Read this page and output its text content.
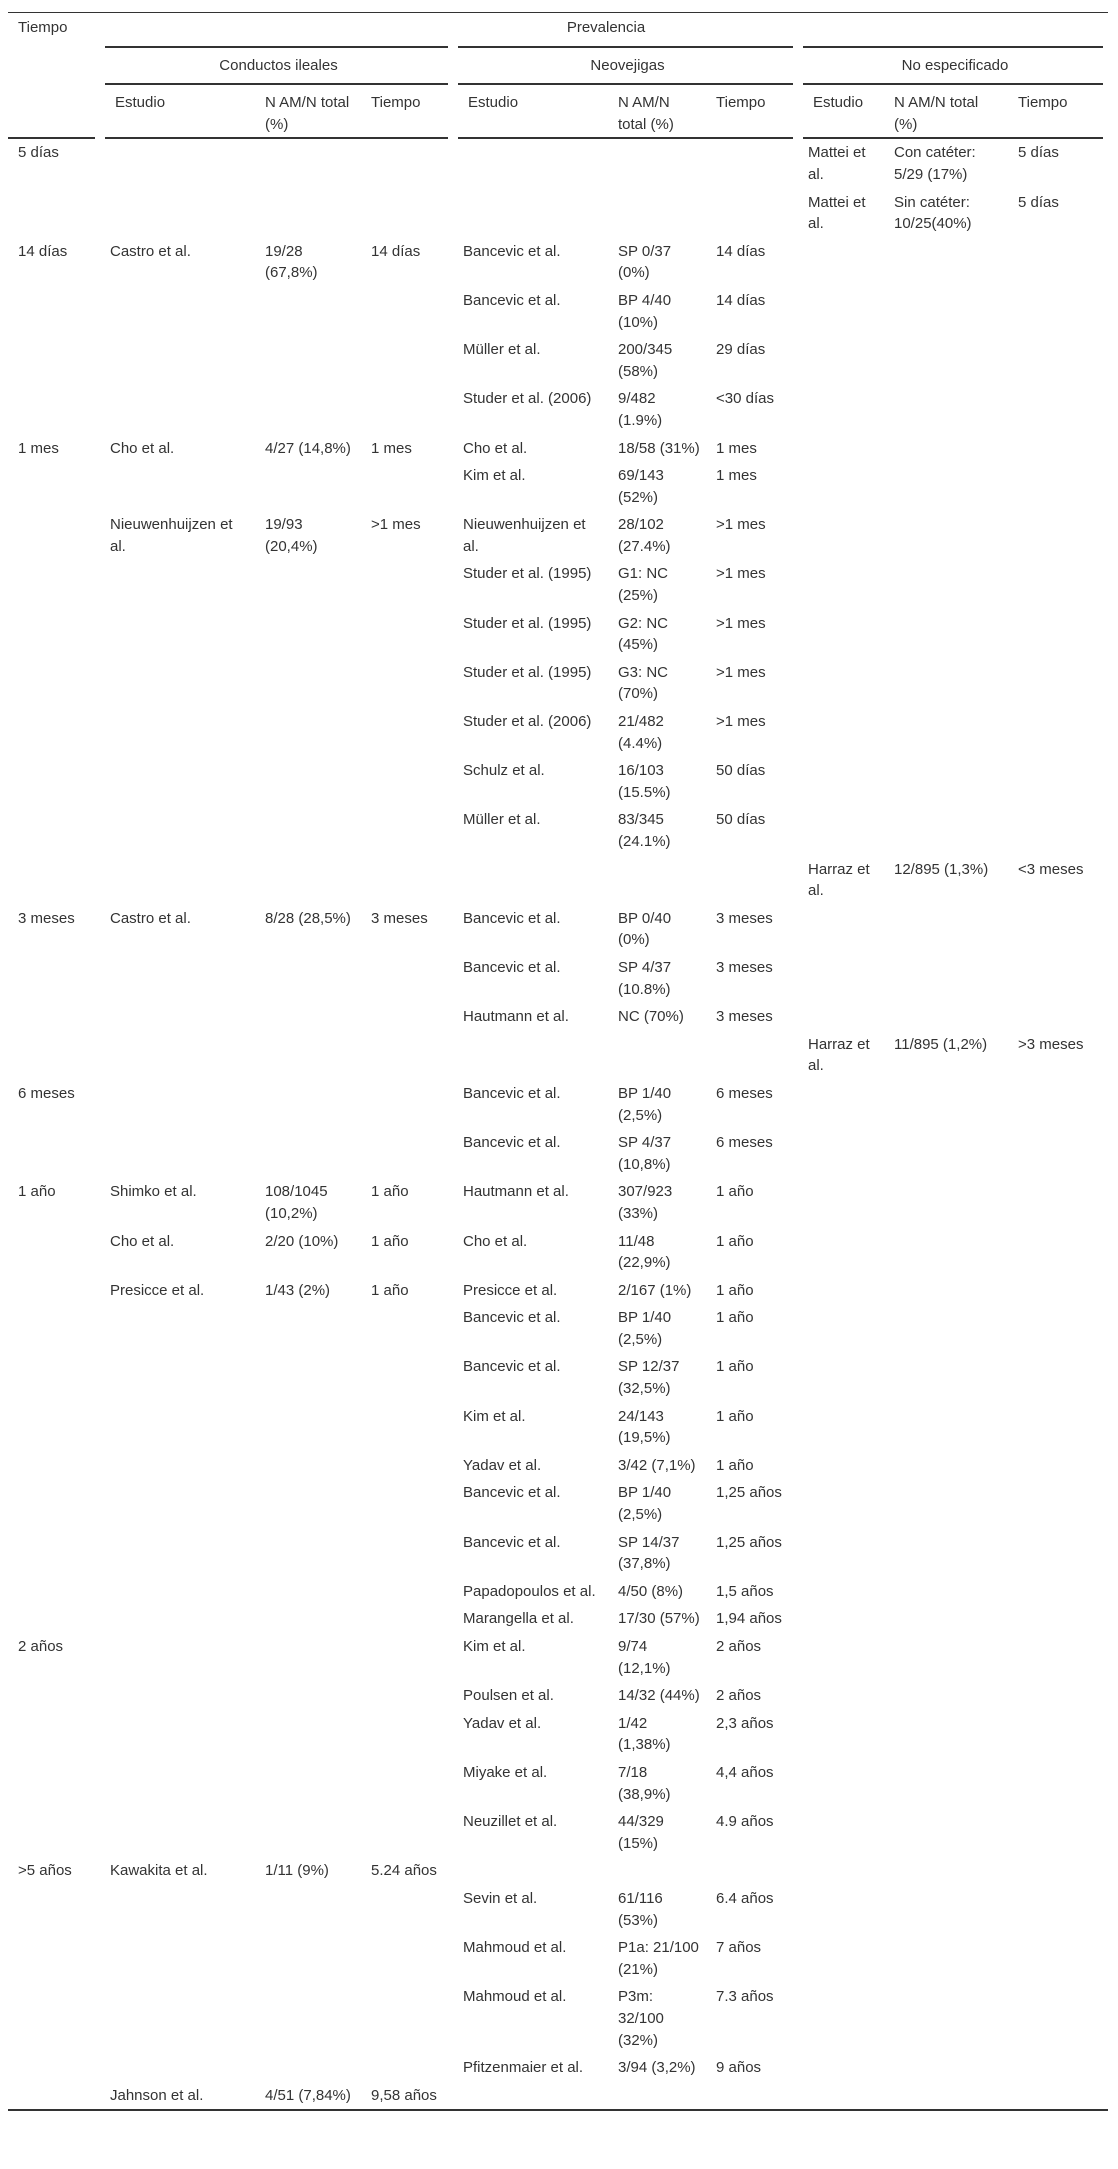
Tiempo	Prevalencia								
	Conductos ileales			Neovejigas			No especificado		
	Estudio	N AM/N total (%)	Tiempo	Estudio	N AM/N total (%)	Tiempo	Estudio	N AM/N total (%)	Tiempo
5 días							Mattei et al.	Con catéter: 5/29 (17%)	5 días
							Mattei et al.	Sin catéter: 10/25(40%)	5 días
14 días	Castro et al.	19/28 (67,8%)	14 días	Bancevic et al.	SP 0/37 (0%)	14 días			
				Bancevic et al.	BP 4/40 (10%)	14 días			
				Müller et al.	200/345 (58%)	29 días			
				Studer et al. (2006)	9/482 (1.9%)	<30 días			
1 mes	Cho et al.	4/27 (14,8%)	1 mes	Cho et al.	18/58 (31%)	1 mes			
				Kim et al.	69/143 (52%)	1 mes			
	Nieuwenhuijzen et al.	19/93 (20,4%)	>1 mes	Nieuwenhuijzen et al.	28/102 (27.4%)	>1 mes			
				Studer et al. (1995)	G1: NC (25%)	>1 mes			
				Studer et al. (1995)	G2: NC (45%)	>1 mes			
				Studer et al. (1995)	G3: NC (70%)	>1 mes			
				Studer et al. (2006)	21/482 (4.4%)	>1 mes			
				Schulz et al.	16/103 (15.5%)	50 días			
				Müller et al.	83/345 (24.1%)	50 días			
							Harraz et al.	12/895 (1,3%)	<3 meses
3 meses	Castro et al.	8/28 (28,5%)	3 meses	Bancevic et al.	BP 0/40 (0%)	3 meses			
				Bancevic et al.	SP 4/37 (10.8%)	3 meses			
				Hautmann et al.	NC (70%)	3 meses			
							Harraz et al.	11/895 (1,2%)	>3 meses
6 meses				Bancevic et al.	BP 1/40 (2,5%)	6 meses			
				Bancevic et al.	SP 4/37 (10,8%)	6 meses			
1 año	Shimko et al.	108/1045 (10,2%)	1 año	Hautmann et al.	307/923 (33%)	1 año			
	Cho et al.	2/20 (10%)	1 año	Cho et al.	11/48 (22,9%)	1 año			
	Presicce et al.	1/43 (2%)	1 año	Presicce et al.	2/167 (1%)	1 año			
				Bancevic et al.	BP 1/40 (2,5%)	1 año			
				Bancevic et al.	SP 12/37 (32,5%)	1 año			
				Kim et al.	24/143 (19,5%)	1 año			
				Yadav et al.	3/42 (7,1%)	1 año			
				Bancevic et al.	BP 1/40 (2,5%)	1,25 años			
				Bancevic et al.	SP 14/37 (37,8%)	1,25 años			
				Papadopoulos et al.	4/50 (8%)	1,5 años			
				Marangella et al.	17/30 (57%)	1,94 años			
2 años				Kim et al.	9/74 (12,1%)	2 años			
				Poulsen et al.	14/32 (44%)	2 años			
				Yadav et al.	1/42 (1,38%)	2,3 años			
				Miyake et al.	7/18 (38,9%)	4,4 años			
				Neuzillet et al.	44/329 (15%)	4.9 años			
>5 años	Kawakita et al.	1/11 (9%)	5.24 años						
				Sevin et al.	61/116 (53%)	6.4 años			
				Mahmoud et al.	P1a: 21/100 (21%)	7 años			
				Mahmoud et al.	P3m: 32/100 (32%)	7.3 años			
				Pfitzenmaier et al.	3/94 (3,2%)	9 años			
	Jahnson et al.	4/51 (7,84%)	9,58 años						
